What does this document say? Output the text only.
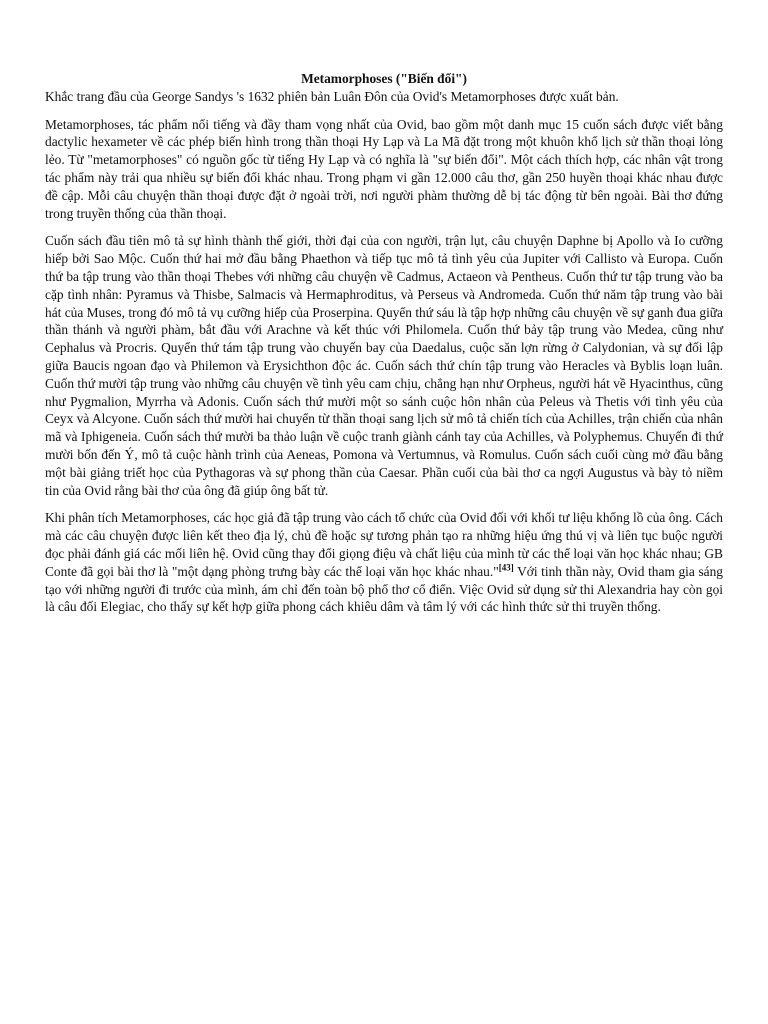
Metamorphoses ("Biến đổi")

Khắc trang đầu của George Sandys 's 1632 phiên bản Luân Đôn của Ovid's Metamorphoses được xuất bản.

Metamorphoses, tác phẩm nổi tiếng và đầy tham vọng nhất của Ovid, bao gồm một danh mục 15 cuốn sách được viết bằng dactylic hexameter về các phép biến hình trong thần thoại Hy Lạp và La Mã đặt trong một khuôn khổ lịch sử thần thoại lỏng lẻo. Từ "metamorphoses" có nguồn gốc từ tiếng Hy Lạp và có nghĩa là "sự biến đổi". Một cách thích hợp, các nhân vật trong tác phẩm này trải qua nhiều sự biến đổi khác nhau. Trong phạm vi gần 12.000 câu thơ, gần 250 huyền thoại khác nhau được đề cập. Mỗi câu chuyện thần thoại được đặt ở ngoài trời, nơi người phàm thường dễ bị tác động từ bên ngoài. Bài thơ đứng trong truyền thống của thần thoại.

Cuốn sách đầu tiên mô tả sự hình thành thế giới, thời đại của con người, trận lụt, câu chuyện Daphne bị Apollo và Io cưỡng hiếp bởi Sao Mộc. Cuốn thứ hai mở đầu bằng Phaethon và tiếp tục mô tả tình yêu của Jupiter với Callisto và Europa. Cuốn thứ ba tập trung vào thần thoại Thebes với những câu chuyện về Cadmus, Actaeon và Pentheus. Cuốn thứ tư tập trung vào ba cặp tình nhân: Pyramus và Thisbe, Salmacis và Hermaphroditus, và Perseus và Andromeda. Cuốn thứ năm tập trung vào bài hát của Muses, trong đó mô tả vụ cưỡng hiếp của Proserpina. Quyển thứ sáu là tập hợp những câu chuyện về sự ganh đua giữa thần thánh và người phàm, bắt đầu với Arachne và kết thúc với Philomela. Cuốn thứ bảy tập trung vào Medea, cũng như Cephalus và Procris. Quyển thứ tám tập trung vào chuyến bay của Daedalus, cuộc săn lợn rừng ở Calydonian, và sự đối lập giữa Baucis ngoan đạo và Philemon và Erysichthon độc ác. Cuốn sách thứ chín tập trung vào Heracles và Byblis loạn luân. Cuốn thứ mười tập trung vào những câu chuyện về tình yêu cam chịu, chẳng hạn như Orpheus, người hát về Hyacinthus, cũng như Pygmalion, Myrrha và Adonis. Cuốn sách thứ mười một so sánh cuộc hôn nhân của Peleus và Thetis với tình yêu của Ceyx và Alcyone. Cuốn sách thứ mười hai chuyển từ thần thoại sang lịch sử mô tả chiến tích của Achilles, trận chiến của nhân mã và Iphigeneia. Cuốn sách thứ mười ba thảo luận về cuộc tranh giành cánh tay của Achilles, và Polyphemus. Chuyến đi thứ mười bốn đến Ý, mô tả cuộc hành trình của Aeneas, Pomona và Vertumnus, và Romulus. Cuốn sách cuối cùng mở đầu bằng một bài giảng triết học của Pythagoras và sự phong thần của Caesar. Phần cuối của bài thơ ca ngợi Augustus và bày tỏ niềm tin của Ovid rằng bài thơ của ông đã giúp ông bất tử.

Khi phân tích Metamorphoses, các học giả đã tập trung vào cách tổ chức của Ovid đối với khối tư liệu khổng lồ của ông. Cách mà các câu chuyện được liên kết theo địa lý, chủ đề hoặc sự tương phản tạo ra những hiệu ứng thú vị và liên tục buộc người đọc phải đánh giá các mối liên hệ. Ovid cũng thay đổi giọng điệu và chất liệu của mình từ các thể loại văn học khác nhau; GB Conte đã gọi bài thơ là "một dạng phòng trưng bày các thể loại văn học khác nhau."[43] Với tinh thần này, Ovid tham gia sáng tạo với những người đi trước của mình, ám chỉ đến toàn bộ phổ thơ cổ điển. Việc Ovid sử dụng sử thi Alexandria hay còn gọi là câu đối Elegiac, cho thấy sự kết hợp giữa phong cách khiêu dâm và tâm lý với các hình thức sử thi truyền thống.
